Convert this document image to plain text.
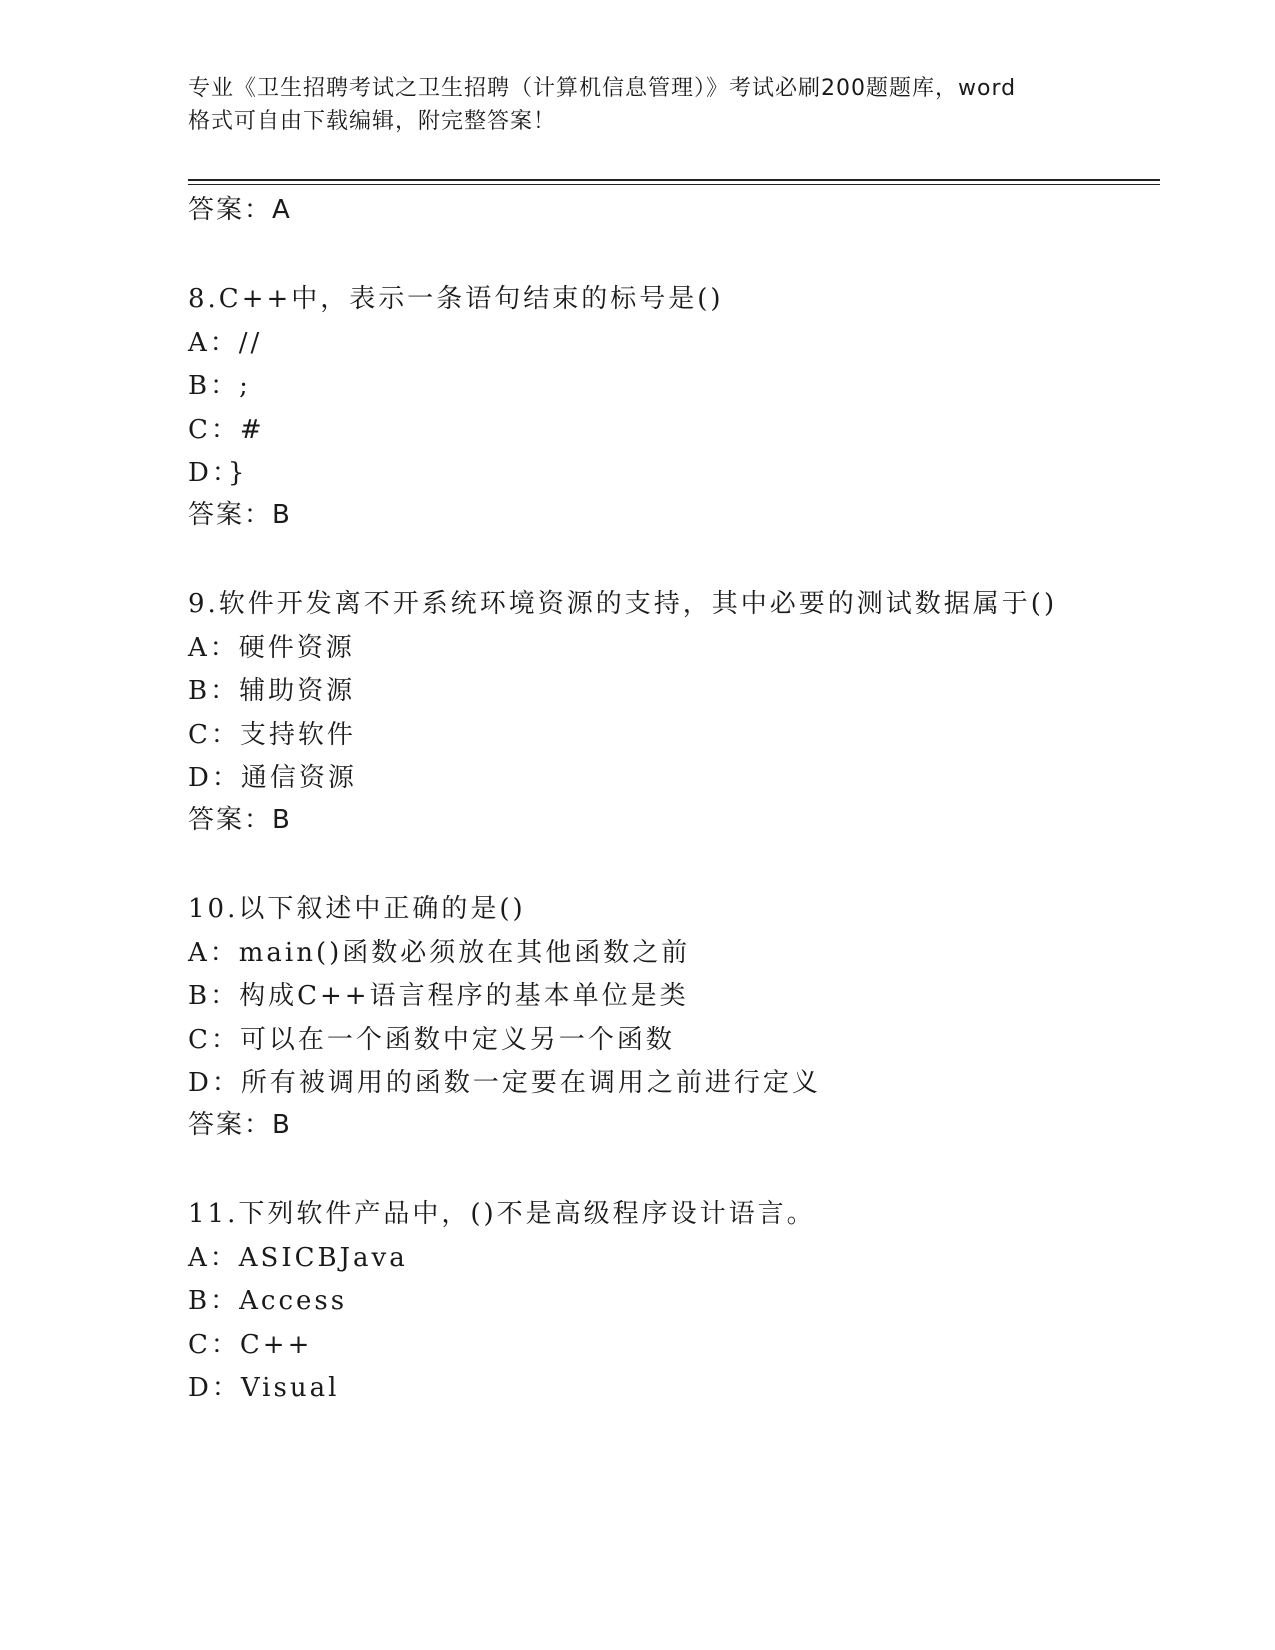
专业《卫生招聘考试之卫生招聘（计算机信息管理）》考试必刷200题题库，word
格式可自由下载编辑，附完整答案！
答案：A
8.C++中，表示一条语句结束的标号是()
A：//
B：;
C：#
D：}
答案：B
9.软件开发离不开系统环境资源的支持，其中必要的测试数据属于()
A：硬件资源
B：辅助资源
C：支持软件
D：通信资源
答案：B
10.以下叙述中正确的是()
A：main()函数必须放在其他函数之前
B：构成C++语言程序的基本单位是类
C：可以在一个函数中定义另一个函数
D：所有被调用的函数一定要在调用之前进行定义
答案：B
11.下列软件产品中，()不是高级程序设计语言。
A：ASICBJava
B：Access
C：C++
D：Visual
